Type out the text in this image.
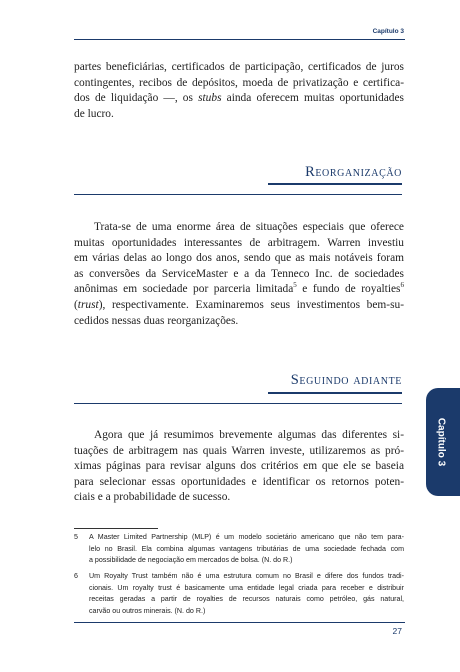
Capítulo 3

partes beneficiárias, certificados de participação, certificados de juros
contingentes, recibos de depósitos, moeda de privatização e certifica-
dos de liquidação —, os stubs ainda oferecem muitas oportunidades
de lucro.

Reorganização

Trata-se de uma enorme área de situações especiais que oferece
muitas oportunidades interessantes de arbitragem. Warren investiu
em várias delas ao longo dos anos, sendo que as mais notáveis foram
as conversões da ServiceMaster e a da Tenneco Inc. de sociedades
anônimas em sociedade por parceria limitada$^5$ e fundo de royalties$^6$
(trust), respectivamente. Examinaremos seus investimentos bem-su-
cedidos nessas duas reorganizações.

Seguindo adiante

Agora que já resumimos brevemente algumas das diferentes si-
tuações de arbitragem nas quais Warren investe, utilizaremos as pró-
ximas páginas para revisar alguns dos critérios em que ele se baseia
para selecionar essas oportunidades e identificar os retornos poten-
ciais e a probabilidade de sucesso.

Capítulo 3
5 A Master Limited Partnership (MLP) é um modelo societário americano que não tem para-
lelo no Brasil. Ela combina algumas vantagens tributárias de uma sociedade fechada com
a possibilidade de negociação em mercados de bolsa. (N. do R.)
6 Um Royalty Trust também não é uma estrutura comum no Brasil e difere dos fundos tradi-
cionais. Um royalty trust é basicamente uma entidade legal criada para receber e distribuir
receitas geradas a partir de royalties de recursos naturais como petróleo, gás natural,
carvão ou outros minerais. (N. do R.)
27
